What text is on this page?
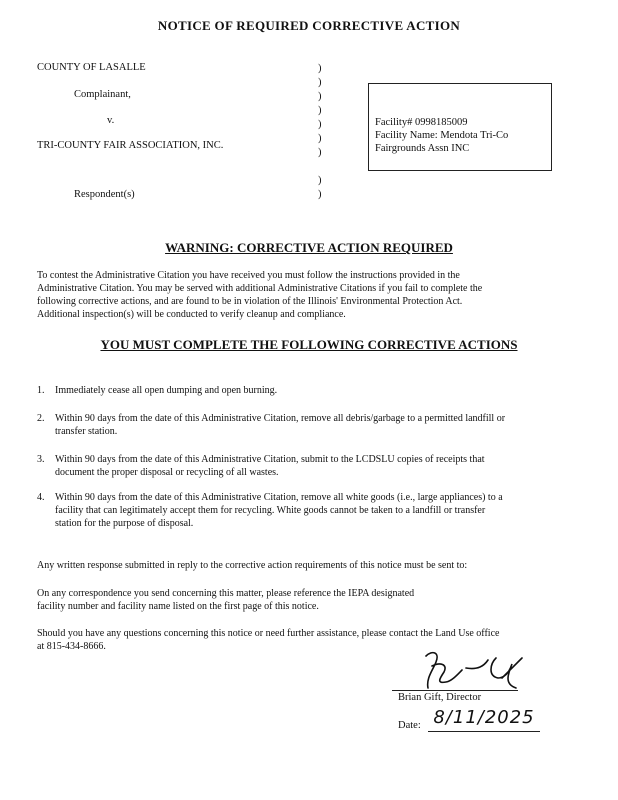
NOTICE OF REQUIRED CORRECTIVE ACTION
COUNTY OF LASALLE
Complainant,
v.
TRI-COUNTY FAIR ASSOCIATION, INC.
Respondent(s)
)
)
)
)
)
)
)

)
)
Facility# 0998185009
Facility Name: Mendota Tri-Co
Fairgrounds Assn INC
WARNING: CORRECTIVE ACTION REQUIRED
To contest the Administrative Citation you have received you must follow the instructions provided in the
Administrative Citation. You may be served with additional Administrative Citations if you fail to complete the
following corrective actions, and are found to be in violation of the Illinois' Environmental Protection Act.
Additional inspection(s) will be conducted to verify cleanup and compliance.
YOU MUST COMPLETE THE FOLLOWING CORRECTIVE ACTIONS
1. Immediately cease all open dumping and open burning.
2. Within 90 days from the date of this Administrative Citation, remove all debris/garbage to a permitted landfill or
transfer station.
3. Within 90 days from the date of this Administrative Citation, submit to the LCDSLU copies of receipts that
document the proper disposal or recycling of all wastes.
4. Within 90 days from the date of this Administrative Citation, remove all white goods (i.e., large appliances) to a
facility that can legitimately accept them for recycling. White goods cannot be taken to a landfill or transfer
station for the purpose of disposal.
Any written response submitted in reply to the corrective action requirements of this notice must be sent to:
On any correspondence you send concerning this matter, please reference the IEPA designated
facility number and facility name listed on the first page of this notice.
Should you have any questions concerning this notice or need further assistance, please contact the Land Use office
at 815-434-8666.
Brian Gift, Director
Date: 8/11/2025
